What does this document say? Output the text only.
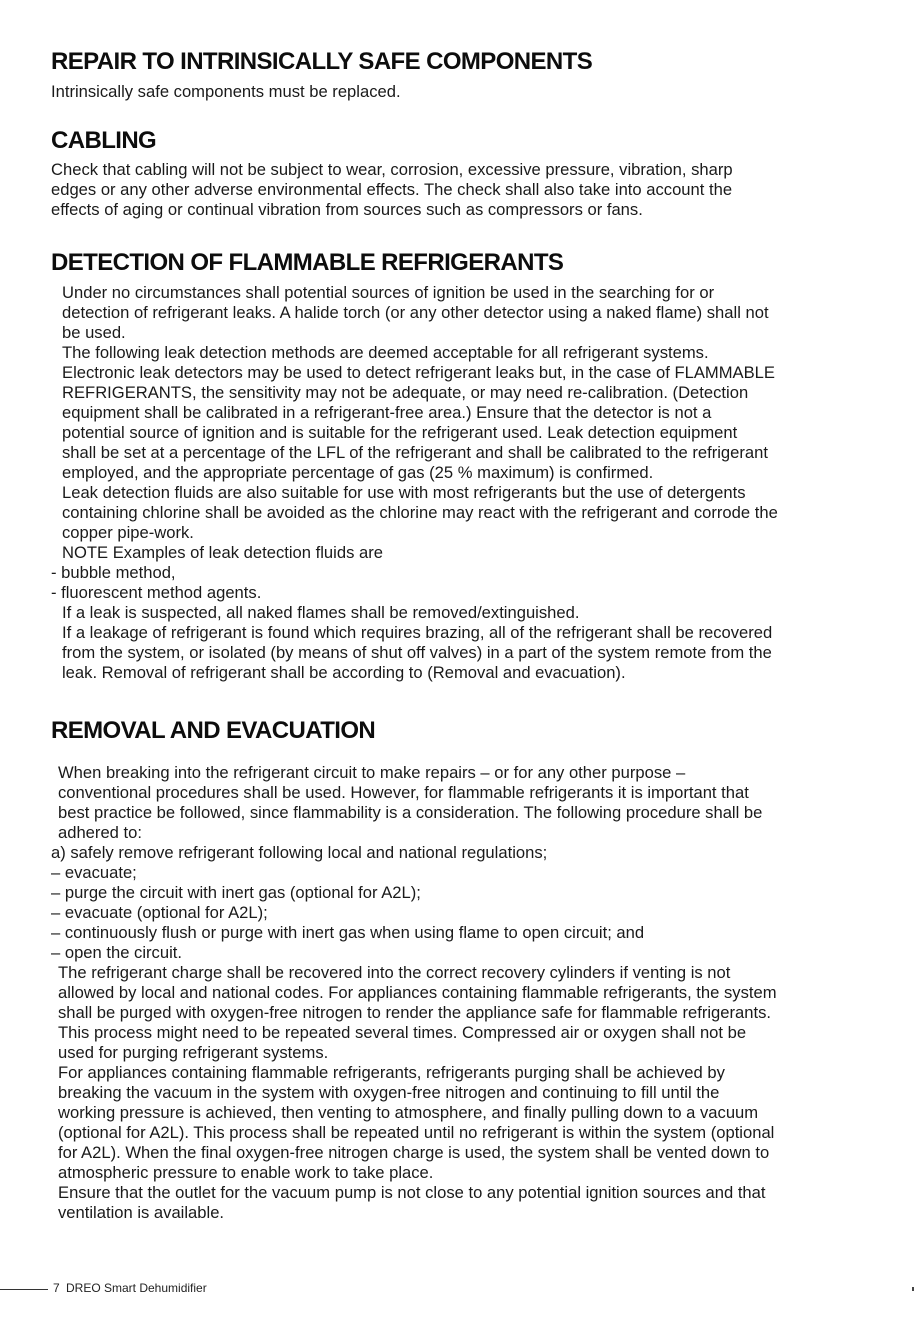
REPAIR TO INTRINSICALLY SAFE COMPONENTS

Intrinsically safe components must be replaced.

CABLING

Check that cabling will not be subject to wear, corrosion, excessive pressure, vibration, sharp
edges or any other adverse environmental effects. The check shall also take into account the
effects of aging or continual vibration from sources such as compressors or fans.

DETECTION OF FLAMMABLE REFRIGERANTS

Under no circumstances shall potential sources of ignition be used in the searching for or
detection of refrigerant leaks. A halide torch (or any other detector using a naked flame) shall not
be used.
The following leak detection methods are deemed acceptable for all refrigerant systems.
Electronic leak detectors may be used to detect refrigerant leaks but, in the case of FLAMMABLE
REFRIGERANTS, the sensitivity may not be adequate, or may need re-calibration. (Detection
equipment shall be calibrated in a refrigerant-free area.) Ensure that the detector is not a
potential source of ignition and is suitable for the refrigerant used. Leak detection equipment
shall be set at a percentage of the LFL of the refrigerant and shall be calibrated to the refrigerant
employed, and the appropriate percentage of gas (25 % maximum) is confirmed.
Leak detection fluids are also suitable for use with most refrigerants but the use of detergents
containing chlorine shall be avoided as the chlorine may react with the refrigerant and corrode the
copper pipe-work.
NOTE Examples of leak detection fluids are

- bubble method,
- fluorescent method agents.

If a leak is suspected, all naked flames shall be removed/extinguished.
If a leakage of refrigerant is found which requires brazing, all of the refrigerant shall be recovered
from the system, or isolated (by means of shut off valves) in a part of the system remote from the
leak. Removal of refrigerant shall be according to (Removal and evacuation).

REMOVAL AND EVACUATION

When breaking into the refrigerant circuit to make repairs – or for any other purpose –
conventional procedures shall be used. However, for flammable refrigerants it is important that
best practice be followed, since flammability is a consideration. The following procedure shall be
adhered to:

a) safely remove refrigerant following local and national regulations;
– evacuate;
– purge the circuit with inert gas (optional for A2L);
– evacuate (optional for A2L);
– continuously flush or purge with inert gas when using flame to open circuit; and
– open the circuit.

The refrigerant charge shall be recovered into the correct recovery cylinders if venting is not
allowed by local and national codes. For appliances containing flammable refrigerants, the system
shall be purged with oxygen-free nitrogen to render the appliance safe for flammable refrigerants.
This process might need to be repeated several times. Compressed air or oxygen shall not be
used for purging refrigerant systems.
For appliances containing flammable refrigerants, refrigerants purging shall be achieved by
breaking the vacuum in the system with oxygen-free nitrogen and continuing to fill until the
working pressure is achieved, then venting to atmosphere, and finally pulling down to a vacuum
(optional for A2L). This process shall be repeated until no refrigerant is within the system (optional
for A2L). When the final oxygen-free nitrogen charge is used, the system shall be vented down to
atmospheric pressure to enable work to take place.
Ensure that the outlet for the vacuum pump is not close to any potential ignition sources and that
ventilation is available.

7 DREO Smart Dehumidifier
